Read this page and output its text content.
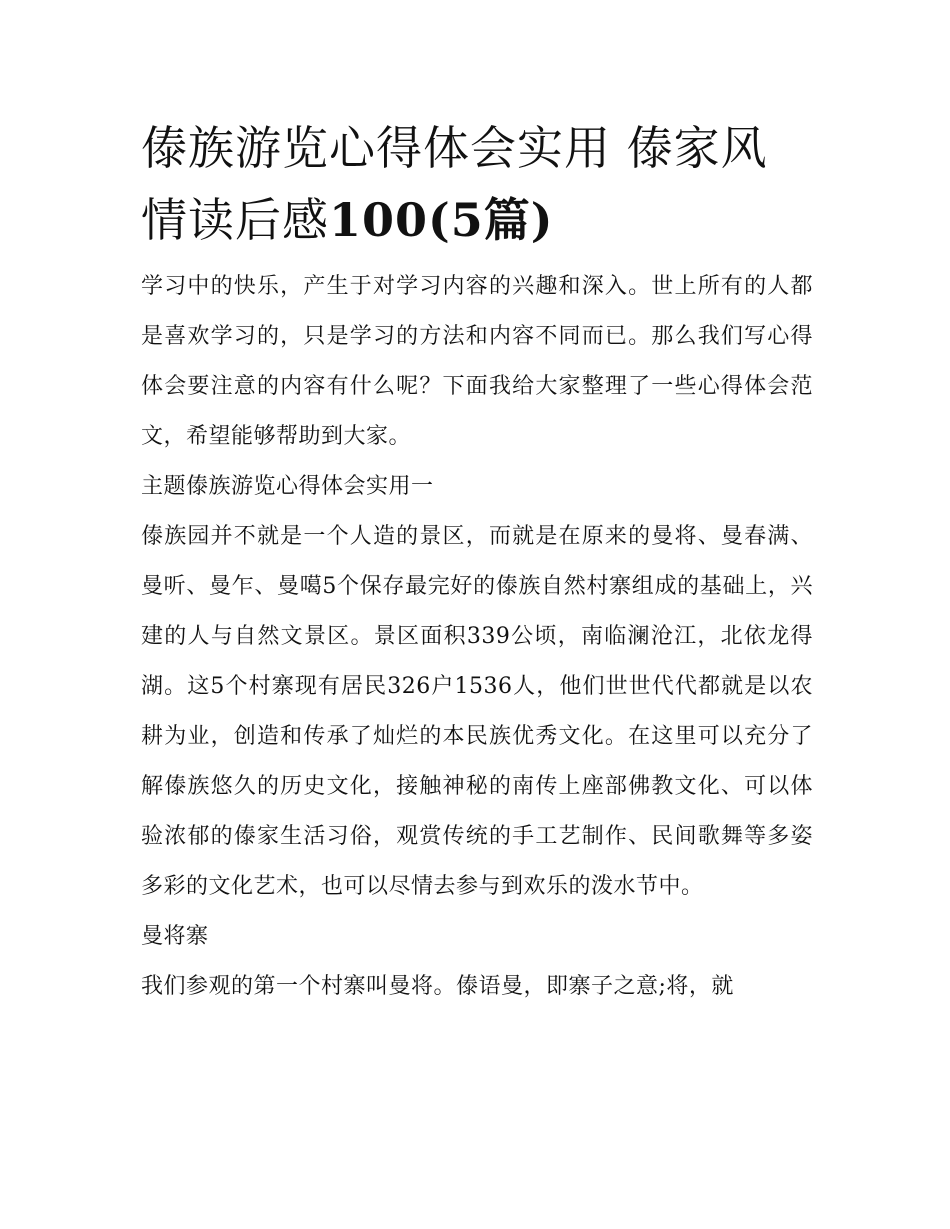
傣族游览心得体会实用 傣家风情读后感100(5篇)

学习中的快乐，产生于对学习内容的兴趣和深入。世上所有的人都是喜欢学习的，只是学习的方法和内容不同而已。那么我们写心得体会要注意的内容有什么呢？下面我给大家整理了一些心得体会范文，希望能够帮助到大家。

主题傣族游览心得体会实用一

傣族园并不就是一个人造的景区，而就是在原来的曼将、曼春满、曼听、曼乍、曼噶5个保存最完好的傣族自然村寨组成的基础上，兴建的人与自然文景区。景区面积339公顷，南临澜沧江，北依龙得湖。这5个村寨现有居民326户1536人，他们世世代代都就是以农耕为业，创造和传承了灿烂的本民族优秀文化。在这里可以充分了解傣族悠久的历史文化，接触神秘的南传上座部佛教文化、可以体验浓郁的傣家生活习俗，观赏传统的手工艺制作、民间歌舞等多姿多彩的文化艺术，也可以尽情去参与到欢乐的泼水节中。

曼将寨

我们参观的第一个村寨叫曼将。傣语曼，即寨子之意;将，就
